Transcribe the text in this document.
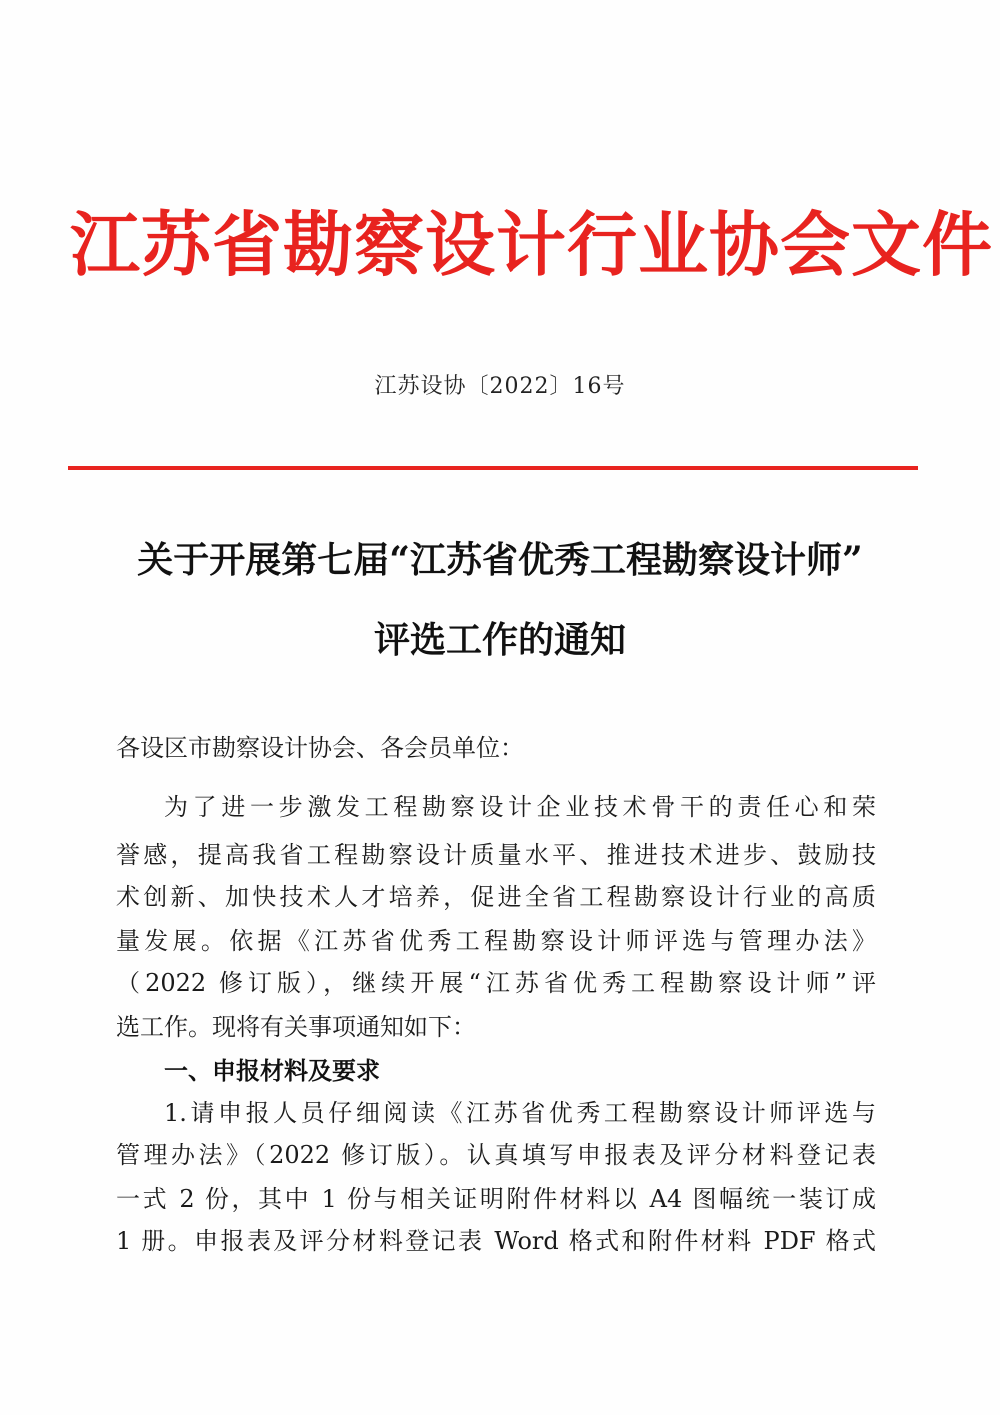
江苏省勘察设计行业协会文件
江苏设协〔2022〕16号
关于开展第七届“江苏省优秀工程勘察设计师”
评选工作的通知
各设区市勘察设计协会、各会员单位：
为了进一步激发工程勘察设计企业技术骨干的责任心和荣
誉感，提高我省工程勘察设计质量水平、推进技术进步、鼓励技
术创新、加快技术人才培养，促进全省工程勘察设计行业的高质
量发展。依据《江苏省优秀工程勘察设计师评选与管理办法》
（2022 修订版），继续开展“江苏省优秀工程勘察设计师”评
选工作。现将有关事项通知如下：
一、申报材料及要求
1.请申报人员仔细阅读《江苏省优秀工程勘察设计师评选与
管理办法》（2022 修订版）。认真填写申报表及评分材料登记表
一式 2 份，其中 1 份与相关证明附件材料以 A4 图幅统一装订成
1 册。申报表及评分材料登记表 Word 格式和附件材料 PDF 格式
